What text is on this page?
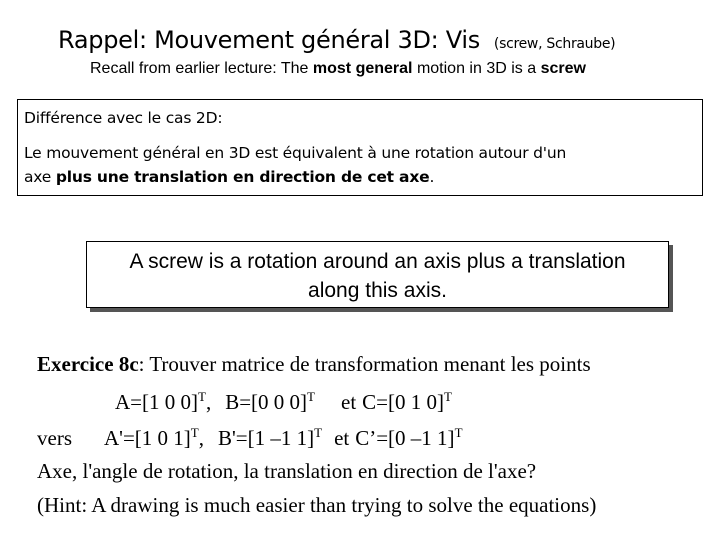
Rappel: Mouvement général 3D: Vis (screw, Schraube)
Recall from earlier lecture: The most general motion in 3D is a screw
Différence avec le cas 2D:
Le mouvement général en 3D est équivalent à une rotation autour d'un
axe plus une translation en direction de cet axe.
A screw is a rotation around an axis plus a translation
along this axis.
Exercice 8c: Trouver matrice de transformation menant les points
A=[1 0 0]$^T$, B=[0 0 0]$^T$ et C=[0 1 0]$^T$
vers A'=[1 0 1]$^T$, B'=[1 –1 1]$^T$ et C’=[0 –1 1]$^T$
Axe, l'angle de rotation, la translation en direction de l'axe?
(Hint: A drawing is much easier than trying to solve the equations)
